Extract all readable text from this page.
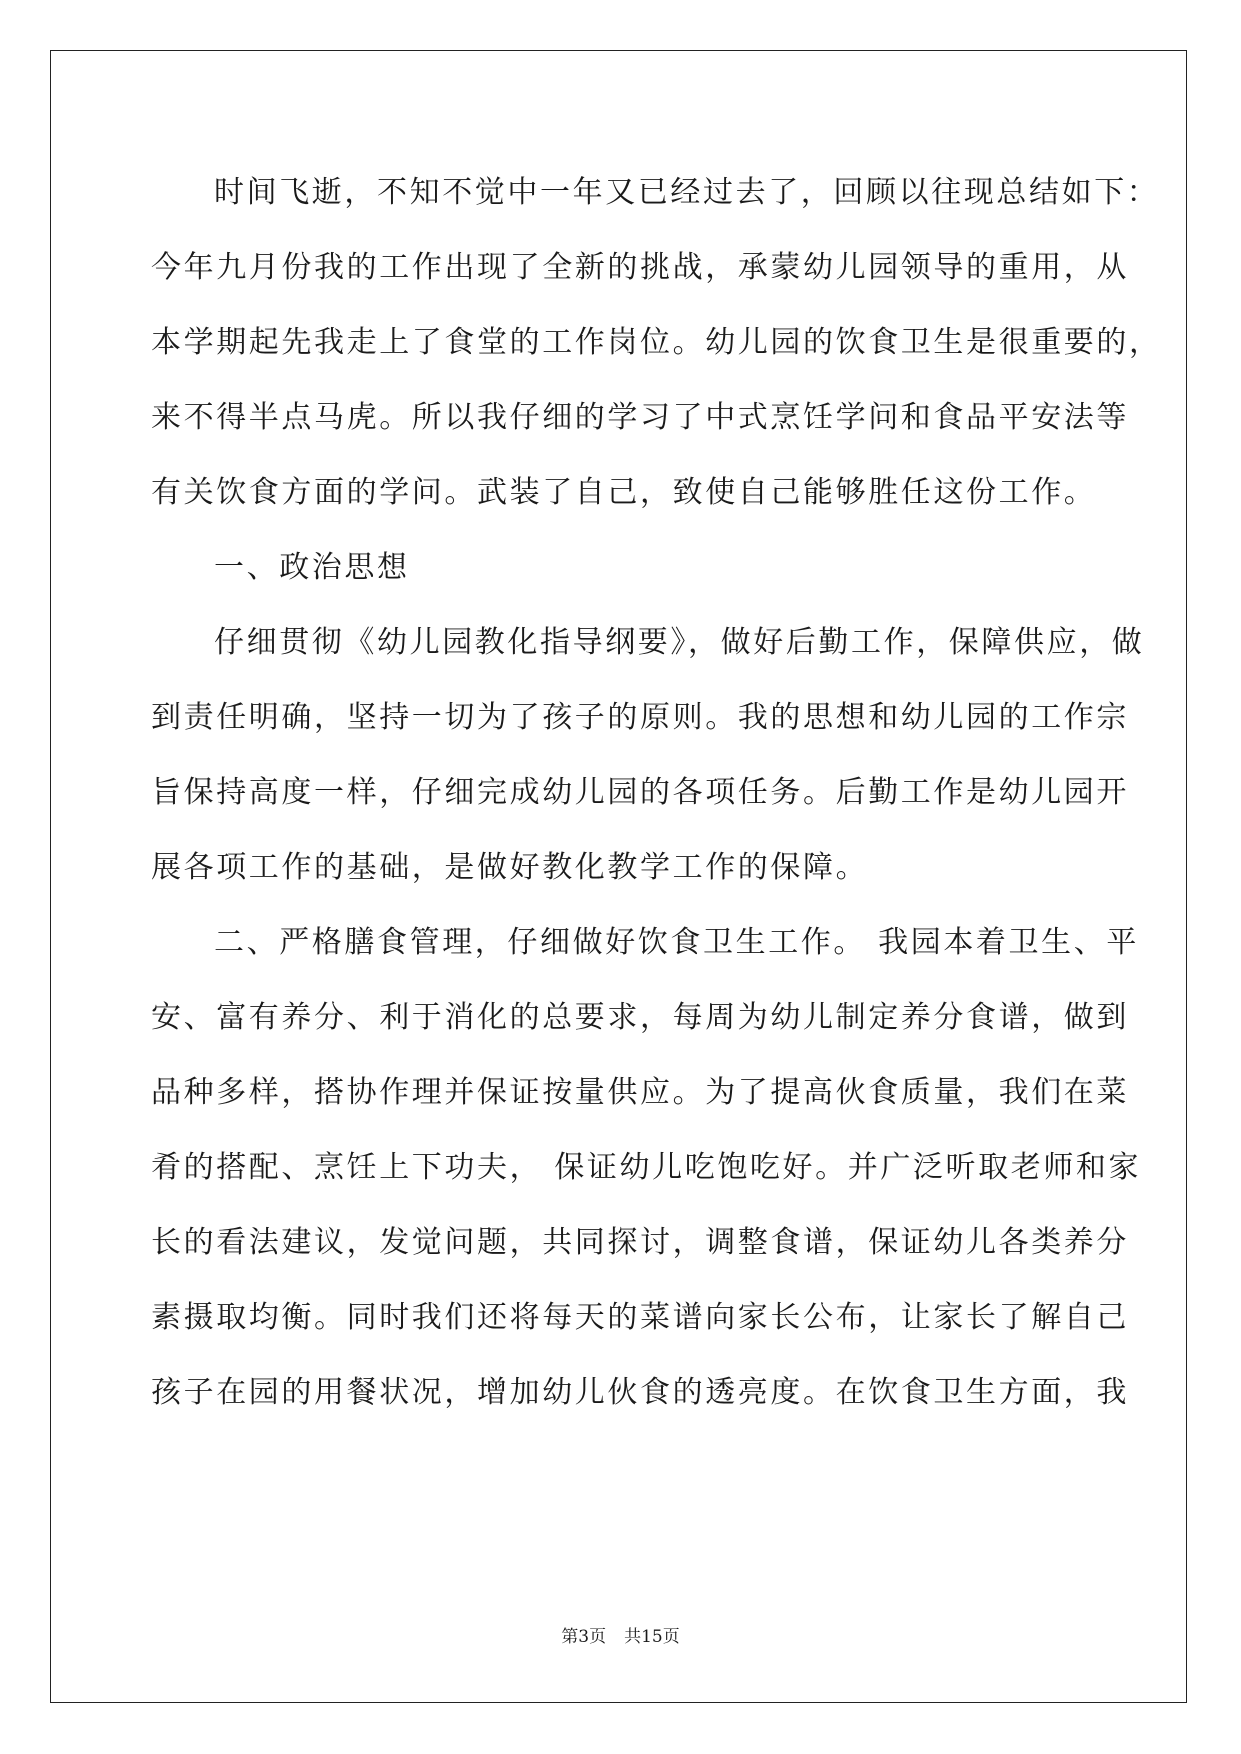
时间飞逝，不知不觉中一年又已经过去了，回顾以往现总结如下：

今年九月份我的工作出现了全新的挑战，承蒙幼儿园领导的重用，从

本学期起先我走上了食堂的工作岗位。幼儿园的饮食卫生是很重要的，

来不得半点马虎。所以我仔细的学习了中式烹饪学问和食品平安法等

有关饮食方面的学问。武装了自己，致使自己能够胜任这份工作。

一、政治思想

仔细贯彻《幼儿园教化指导纲要》，做好后勤工作，保障供应，做

到责任明确，坚持一切为了孩子的原则。我的思想和幼儿园的工作宗

旨保持高度一样，仔细完成幼儿园的各项任务。后勤工作是幼儿园开

展各项工作的基础，是做好教化教学工作的保障。

二、严格膳食管理，仔细做好饮食卫生工作。 我园本着卫生、平

安、富有养分、利于消化的总要求，每周为幼儿制定养分食谱，做到

品种多样，搭协作理并保证按量供应。为了提高伙食质量，我们在菜

肴的搭配、烹饪上下功夫， 保证幼儿吃饱吃好。并广泛听取老师和家

长的看法建议，发觉问题，共同探讨，调整食谱，保证幼儿各类养分

素摄取均衡。同时我们还将每天的菜谱向家长公布，让家长了解自己

孩子在园的用餐状况，增加幼儿伙食的透亮度。在饮食卫生方面，我

第3页 共15页
